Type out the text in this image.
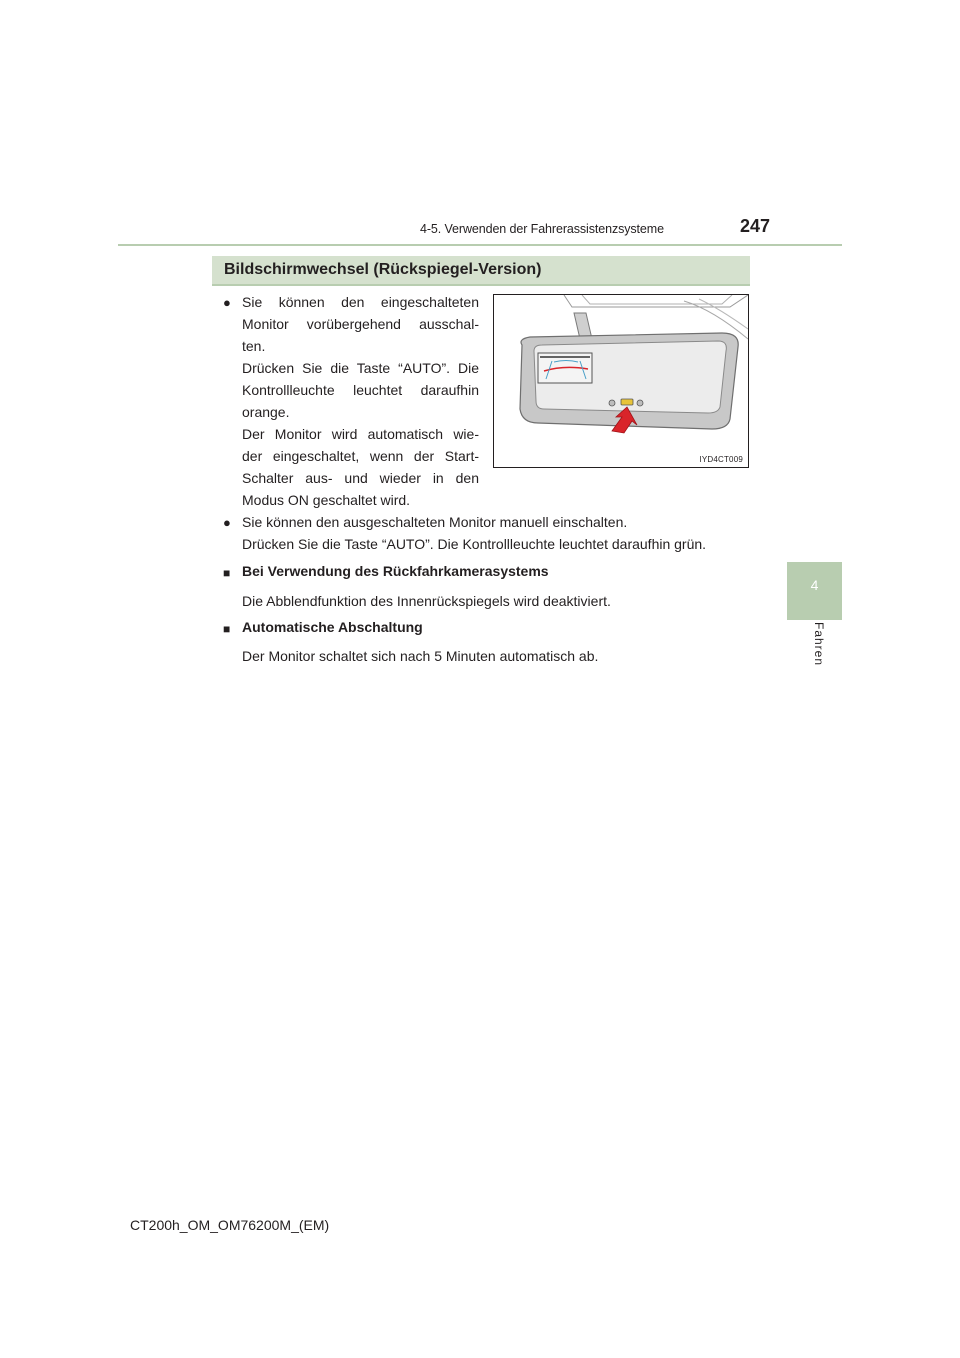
4-5. Verwenden der Fahrerassistenzsysteme	247
4
Fahren
Bildschirmwechsel (Rückspiegel-Version)
● Sie können den eingeschalteten
Monitor vorübergehend ausschal-
ten.
Drücken Sie die Taste “AUTO”. Die
Kontrollleuchte leuchtet daraufhin
orange.
Der Monitor wird automatisch wie-
der eingeschaltet, wenn der Start-
Schalter aus- und wieder in den
Modus ON geschaltet wird.
IYD4CT009
● Sie können den ausgeschalteten Monitor manuell einschalten.
Drücken Sie die Taste “AUTO”. Die Kontrollleuchte leuchtet daraufhin grün.
■ Bei Verwendung des Rückfahrkamerasystems
Die Abblendfunktion des Innenrückspiegels wird deaktiviert.
■ Automatische Abschaltung
Der Monitor schaltet sich nach 5 Minuten automatisch ab.
CT200h_OM_OM76200M_(EM)
